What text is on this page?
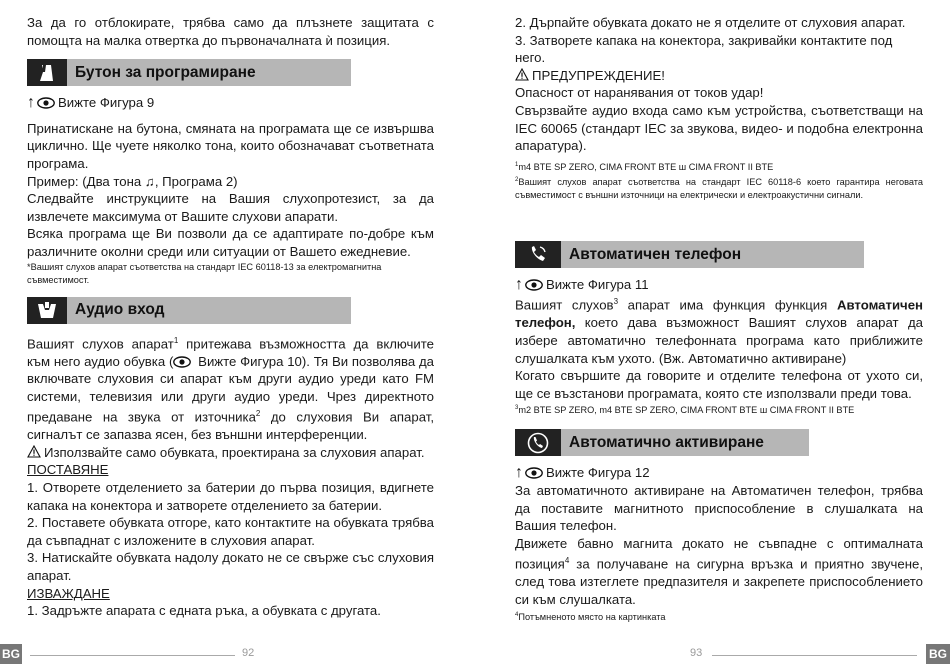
За да го отблокирате, трябва само да плъзнете защитата с помощта на малка отвертка до първоначалната ѝ позиция.

Бутон за програмиране
↑ Вижте Фигура 9

Принатискане на бутона, смяната на програмата ще се извършва циклично. Ще чуете няколко тона, които обозначават съответната програма.

Пример: (Два тона ♫, Програма 2)

Следвайте инструкциите на Вашия слухопротезист, за да извлечете максимума от Вашите слухови апарати.

Всяка програма ще Ви позволи да се адаптирате по-добре към различните околни среди или ситуации от Вашето ежедневие.

*Вашият слухов апарат съответства на стандарт IEC 60118-13 за електромагнитна съвместимост.

Аудио вход

Вашият слухов апарат$^1$ притежава възможността да включите към него аудио обувка ( Вижте Фигура 10). Тя Ви позволява да включвате слуховия си апарат към други аудио уреди като FM системи, телевизия или други аудио уреди. Чрез директното предаване на звука от източника$^2$ до слуховия Ви апарат, сигналът се запазва ясен, без външни интерференции.

Използвайте само обувката, проектирана за слуховия апарат.

ПОСТАВЯНЕ

1. Отворете отделението за батерии до първа позиция, вдигнете капака на конектора и затворете отделението за батерии.

2. Поставете обувката отгоре, като контактите на обувката трябва да съвпаднат с изложените в слуховия апарат.

3. Натискайте обувката надолу докато не се свърже със слуховия апарат.

ИЗВАЖДАНЕ

1. Задръжте апарата с едната ръка, а обувката с другата.

2. Дърпайте обувката докато не я отделите от слуховия апарат.

3. Затворете капака на конектора, закривайки контактите под него.

ПРЕДУПРЕЖДЕНИЕ!

Опасност от наранявания от токов удар!

Свързвайте аудио входа само към устройства, съответстващи на IEC 60065 (стандарт IEC за звукова, видео- и подобна електронна апаратура).

$^1$m4 BTE SP ZERO, CIMA FRONT BTE ш CIMA FRONT II BTE

$^2$Вашият слухов апарат съответства на стандарт IEC 60118-6 което гарантира неговата съвместимост с външни източници на електрически и електроакустични сигнали.

Автоматичен телефон
↑ Вижте Фигура 11

Вашият слухов$^3$ апарат има функция функция Автоматичен телефон, което дава възможност Вашият слухов апарат да избере автоматично телефонната програма като приближите слушалката към ухото. (Вж. Автоматично активиране)

Когато свършите да говорите и отделите телефона от ухото си, ще се възстанови програмата, която сте използвали преди това.

$^3$m2 BTE SP ZERO, m4 BTE SP ZERO, CIMA FRONT BTE ш CIMA FRONT II BTE

Автоматично активиране
↑ Вижте Фигура 12

За автоматичното активиране на Автоматичен телефон, трябва да поставите магнитното приспособление в слушалката на Вашия телефон.

Движете бавно магнита докато не съвпадне с оптималната позиция$^4$ за получаване на сигурна връзка и приятно звучене, след това изтеглете предпазителя и закрепете приспособлението си към слушалката.

$^4$Потъмненото място на картинката

BG	92	93	BG
